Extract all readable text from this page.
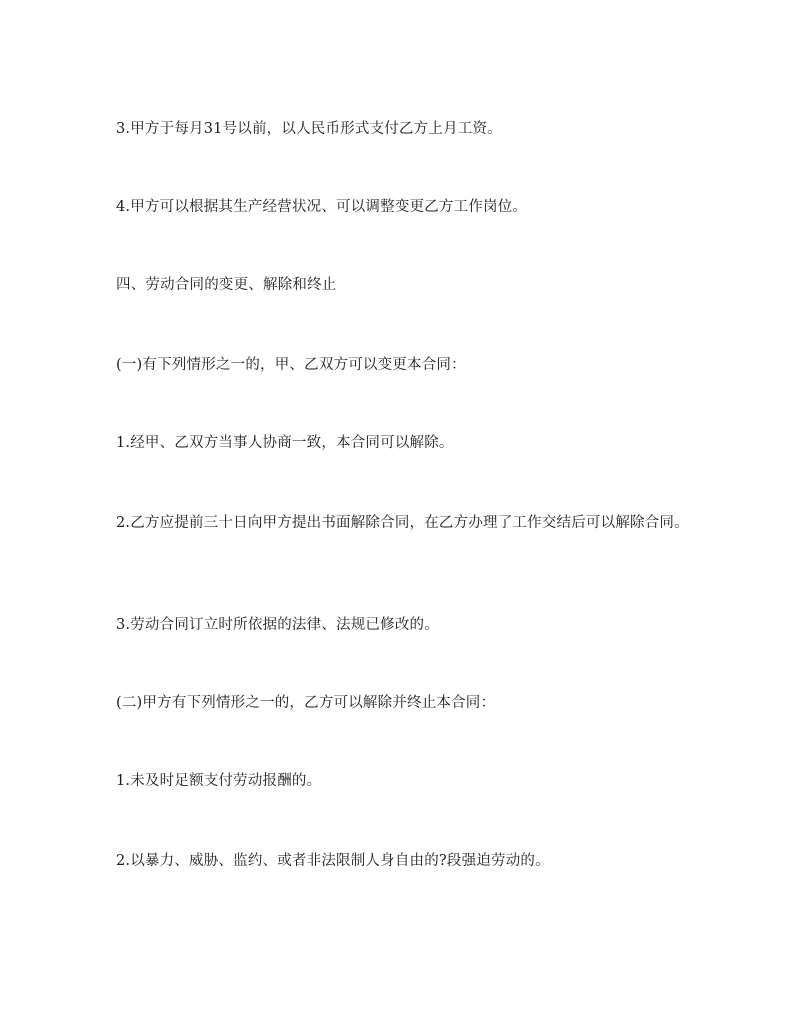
3.甲方于每月31号以前，以人民币形式支付乙方上月工资。

4.甲方可以根据其生产经营状况、可以调整变更乙方工作岗位。

四、劳动合同的变更、解除和终止

(一)有下列情形之一的，甲、乙双方可以变更本合同：

1.经甲、乙双方当事人协商一致，本合同可以解除。

2.乙方应提前三十日向甲方提出书面解除合同，在乙方办理了工作交结后可以解除合同。

3.劳动合同订立时所依据的法律、法规已修改的。

(二)甲方有下列情形之一的，乙方可以解除并终止本合同：

1.未及时足额支付劳动报酬的。

2.以暴力、威胁、监约、或者非法限制人身自由的?段强迫劳动的。
